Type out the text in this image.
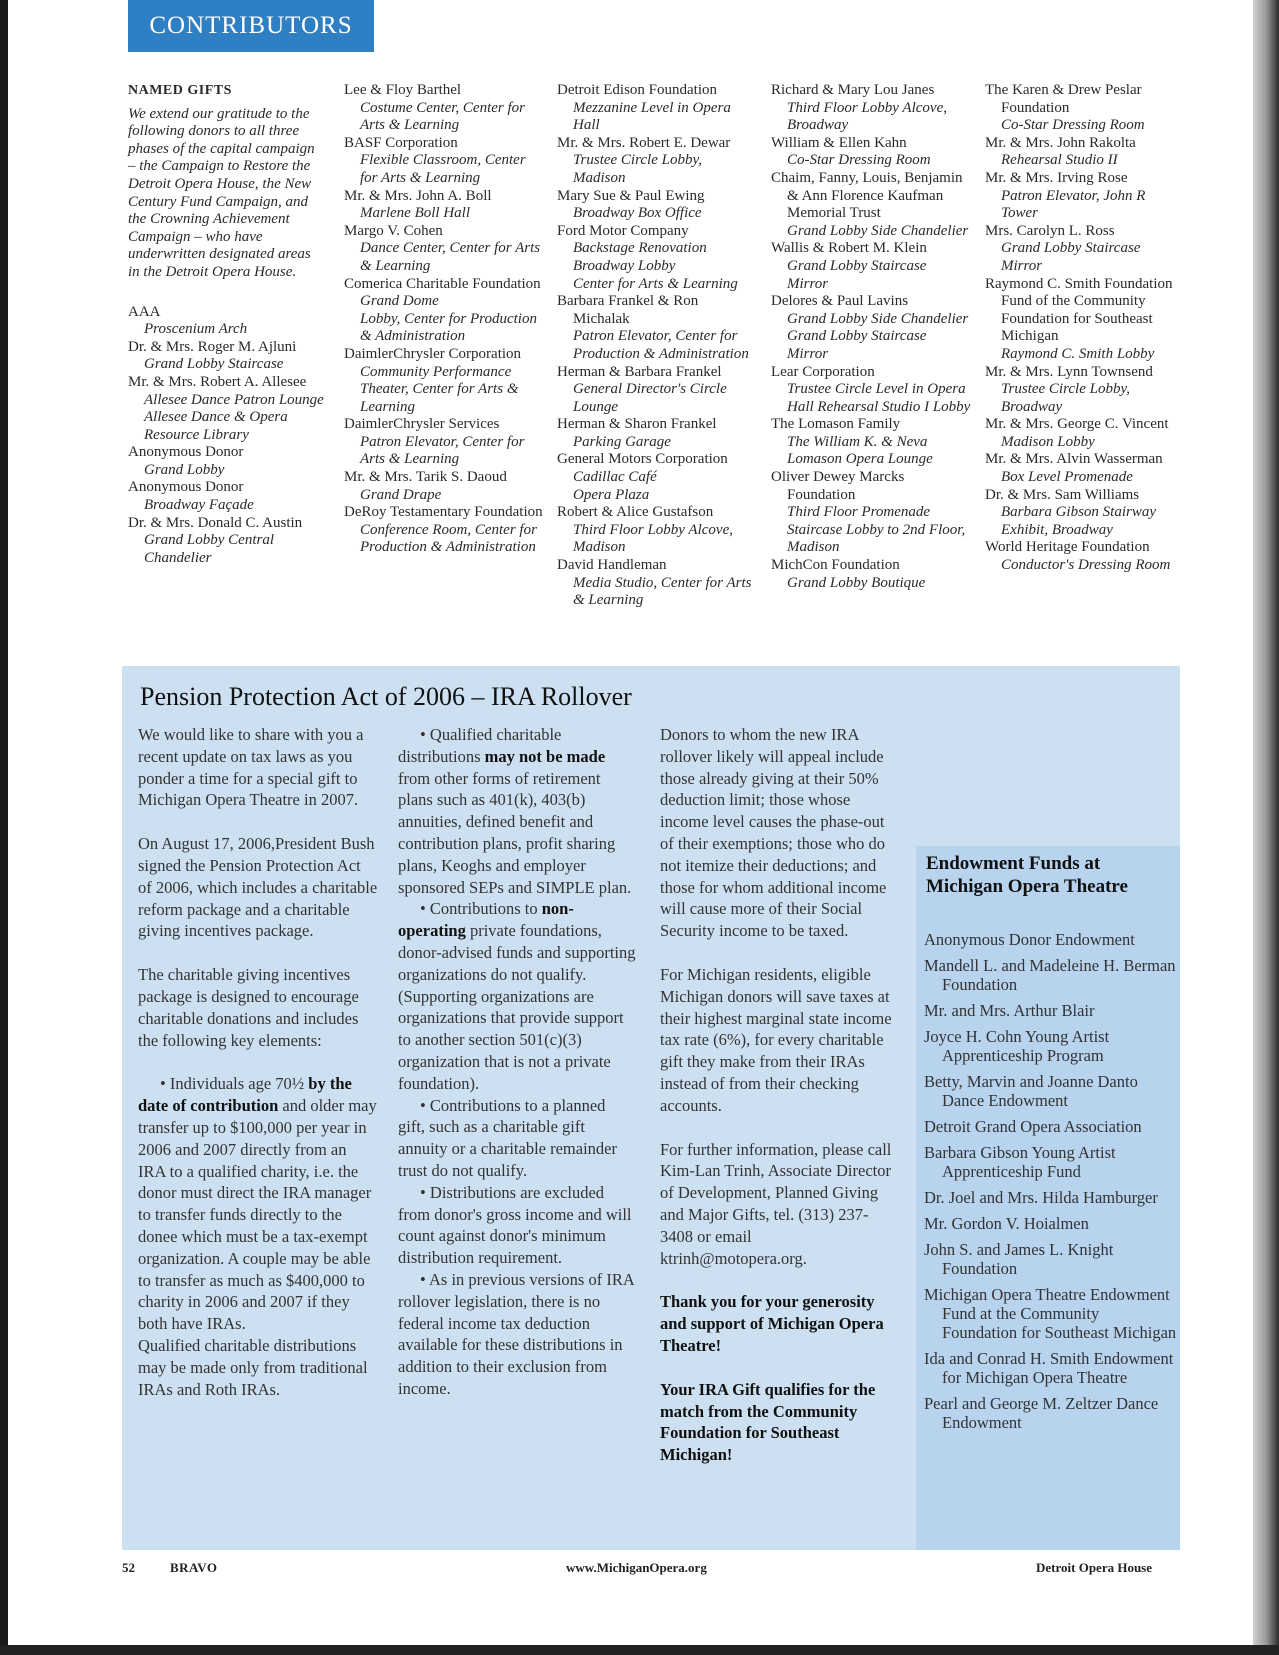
CONTRIBUTORS
NAMED GIFTS
We extend our gratitude to the following donors to all three phases of the capital campaign – the Campaign to Restore the Detroit Opera House, the New Century Fund Campaign, and the Crowning Achievement Campaign – who have underwritten designated areas in the Detroit Opera House.
AAA
Proscenium Arch
Dr. & Mrs. Roger M. Ajluni
Grand Lobby Staircase
Mr. & Mrs. Robert A. Allesee
Allesee Dance Patron Lounge
Allesee Dance & Opera Resource Library
Anonymous Donor
Grand Lobby
Anonymous Donor
Broadway Façade
Dr. & Mrs. Donald C. Austin
Grand Lobby Central Chandelier
Lee & Floy Barthel
Costume Center, Center for Arts & Learning
BASF Corporation
Flexible Classroom, Center for Arts & Learning
Mr. & Mrs. John A. Boll
Marlene Boll Hall
Margo V. Cohen
Dance Center, Center for Arts & Learning
Comerica Charitable Foundation
Grand Dome
Lobby, Center for Production & Administration
DaimlerChrysler Corporation
Community Performance Theater, Center for Arts & Learning
DaimlerChrysler Services
Patron Elevator, Center for Arts & Learning
Mr. & Mrs. Tarik S. Daoud
Grand Drape
DeRoy Testamentary Foundation
Conference Room, Center for Production & Administration
Detroit Edison Foundation
Mezzanine Level in Opera Hall
Mr. & Mrs. Robert E. Dewar
Trustee Circle Lobby, Madison
Mary Sue & Paul Ewing
Broadway Box Office
Ford Motor Company
Backstage Renovation
Broadway Lobby
Center for Arts & Learning
Barbara Frankel & Ron Michalak
Patron Elevator, Center for Production & Administration
Herman & Barbara Frankel
General Director's Circle Lounge
Herman & Sharon Frankel
Parking Garage
General Motors Corporation
Cadillac Café
Opera Plaza
Robert & Alice Gustafson
Third Floor Lobby Alcove, Madison
David Handleman
Media Studio, Center for Arts & Learning
Richard & Mary Lou Janes
Third Floor Lobby Alcove, Broadway
William & Ellen Kahn
Co-Star Dressing Room
Chaim, Fanny, Louis, Benjamin & Ann Florence Kaufman Memorial Trust
Grand Lobby Side Chandelier
Wallis & Robert M. Klein
Grand Lobby Staircase Mirror
Delores & Paul Lavins
Grand Lobby Side Chandelier
Grand Lobby Staircase Mirror
Lear Corporation
Trustee Circle Level in Opera Hall Rehearsal Studio I Lobby
The Lomason Family
The William K. & Neva Lomason Opera Lounge
Oliver Dewey Marcks Foundation
Third Floor Promenade
Staircase Lobby to 2nd Floor, Madison
MichCon Foundation
Grand Lobby Boutique
The Karen & Drew Peslar Foundation
Co-Star Dressing Room
Mr. & Mrs. John Rakolta
Rehearsal Studio II
Mr. & Mrs. Irving Rose
Patron Elevator, John R Tower
Mrs. Carolyn L. Ross
Grand Lobby Staircase Mirror
Raymond C. Smith Foundation Fund of the Community Foundation for Southeast Michigan
Raymond C. Smith Lobby
Mr. & Mrs. Lynn Townsend
Trustee Circle Lobby, Broadway
Mr. & Mrs. George C. Vincent
Madison Lobby
Mr. & Mrs. Alvin Wasserman
Box Level Promenade
Dr. & Mrs. Sam Williams
Barbara Gibson Stairway Exhibit, Broadway
World Heritage Foundation
Conductor's Dressing Room
Pension Protection Act of 2006 – IRA Rollover

We would like to share with you a recent update on tax laws as you ponder a time for a special gift to Michigan Opera Theatre in 2007.

On August 17, 2006,President Bush signed the Pension Protection Act of 2006, which includes a charitable reform package and a charitable giving incentives package.

The charitable giving incentives package is designed to encourage charitable donations and includes the following key elements:

• Individuals age 70½ by the date of contribution and older may transfer up to $100,000 per year in 2006 and 2007 directly from an IRA to a qualified charity, i.e. the donor must direct the IRA manager to transfer funds directly to the donee which must be a tax-exempt organization. A couple may be able to transfer as much as $400,000 to charity in 2006 and 2007 if they both have IRAs.

Qualified charitable distributions may be made only from traditional IRAs and Roth IRAs.

• Qualified charitable distributions may not be made from other forms of retirement plans such as 401(k), 403(b) annuities, defined benefit and contribution plans, profit sharing plans, Keoghs and employer sponsored SEPs and SIMPLE plan.

• Contributions to non-operating private foundations, donor-advised funds and supporting organizations do not qualify. (Supporting organizations are organizations that provide support to another section 501(c)(3) organization that is not a private foundation).

• Contributions to a planned gift, such as a charitable gift annuity or a charitable remainder trust do not qualify.

• Distributions are excluded from donor's gross income and will count against donor's minimum distribution requirement.

• As in previous versions of IRA rollover legislation, there is no federal income tax deduction available for these distributions in addition to their exclusion from income.

Donors to whom the new IRA rollover likely will appeal include those already giving at their 50% deduction limit; those whose income level causes the phase-out of their exemptions; those who do not itemize their deductions; and those for whom additional income will cause more of their Social Security income to be taxed.

For Michigan residents, eligible Michigan donors will save taxes at their highest marginal state income tax rate (6%), for every charitable gift they make from their IRAs instead of from their checking accounts.

For further information, please call Kim-Lan Trinh, Associate Director of Development, Planned Giving and Major Gifts, tel. (313) 237-3408 or email ktrinh@motopera.org.

Thank you for your generosity and support of Michigan Opera Theatre!

Your IRA Gift qualifies for the match from the Community Foundation for Southeast Michigan!

Endowment Funds at Michigan Opera Theatre
Anonymous Donor Endowment
Mandell L. and Madeleine H. Berman Foundation
Mr. and Mrs. Arthur Blair
Joyce H. Cohn Young Artist Apprenticeship Program
Betty, Marvin and Joanne Danto Dance Endowment
Detroit Grand Opera Association
Barbara Gibson Young Artist Apprenticeship Fund
Dr. Joel and Mrs. Hilda Hamburger
Mr. Gordon V. Hoialmen
John S. and James L. Knight Foundation
Michigan Opera Theatre Endowment Fund at the Community Foundation for Southeast Michigan
Ida and Conrad H. Smith Endowment for Michigan Opera Theatre
Pearl and George M. Zeltzer Dance Endowment
52	BRAVO	www.MichiganOpera.org	Detroit Opera House
